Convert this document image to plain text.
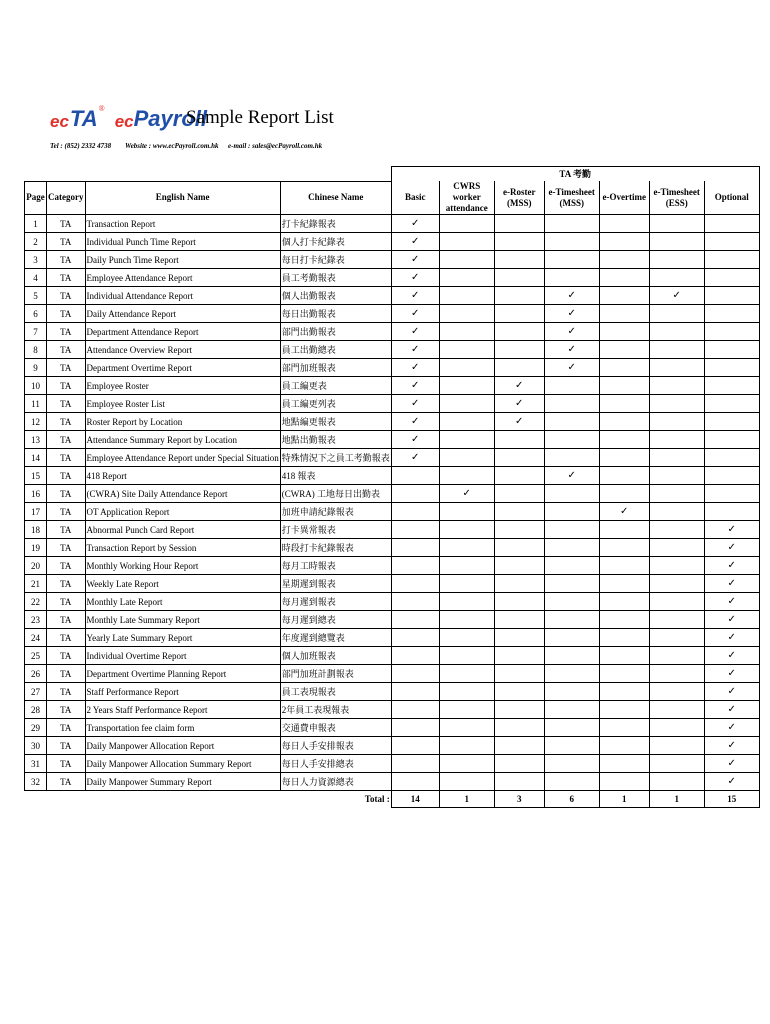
ec TA ®
ec Payroll
Sample Report List
Tel : (852) 2332 4738 Website : www.ecPayroll.com.hk e-mail : sales@ecPayroll.com.hk
				TA 考勤						
Page	Category	English Name	Chinese Name	Basic	CWRS worker attendance	e-Roster (MSS)	e-Timesheet (MSS)	e-Overtime	e-Timesheet (ESS)	Optional
1	TA	Transaction Report	打卡紀錄報表	✓						
2	TA	Individual Punch Time Report	個人打卡紀錄表	✓						
3	TA	Daily Punch Time Report	每日打卡紀錄表	✓						
4	TA	Employee Attendance Report	員工考勤報表	✓						
5	TA	Individual Attendance Report	個人出勤報表	✓			✓		✓	
6	TA	Daily Attendance Report	每日出勤報表	✓			✓			
7	TA	Department Attendance Report	部門出勤報表	✓			✓			
8	TA	Attendance Overview Report	員工出勤總表	✓			✓			
9	TA	Department Overtime Report	部門加班報表	✓			✓			
10	TA	Employee Roster	員工編更表	✓		✓				
11	TA	Employee Roster List	員工編更列表	✓		✓				
12	TA	Roster Report by Location	地點編更報表	✓		✓				
13	TA	Attendance Summary Report by Location	地點出勤報表	✓						
14	TA	Employee Attendance Report under Special Situation	特殊情況下之員工考勤報表	✓						
15	TA	418 Report	418 報表				✓			
16	TA	(CWRA) Site Daily Attendance Report	(CWRA) 工地每日出勤表		✓					
17	TA	OT Application Report	加班申請紀錄報表					✓		
18	TA	Abnormal Punch Card Report	打卡異常報表							✓
19	TA	Transaction Report by Session	時段打卡紀錄報表							✓
20	TA	Monthly Working Hour Report	每月工時報表							✓
21	TA	Weekly Late Report	星期遲到報表							✓
22	TA	Monthly Late Report	每月遲到報表							✓
23	TA	Monthly Late Summary Report	每月遲到總表							✓
24	TA	Yearly Late Summary Report	年度遲到總覽表							✓
25	TA	Individual Overtime Report	個人加班報表							✓
26	TA	Department Overtime Planning Report	部門加班計劃報表							✓
27	TA	Staff Performance Report	員工表現報表							✓
28	TA	2 Years Staff Performance Report	2年員工表現報表							✓
29	TA	Transportation fee claim form	交通費申報表							✓
30	TA	Daily Manpower Allocation Report	每日人手安排報表							✓
31	TA	Daily Manpower Allocation Summary Report	每日人手安排總表							✓
32	TA	Daily Manpower Summary Report	每日人力資源總表							✓
			Total :	14	1	3	6	1	1	15
